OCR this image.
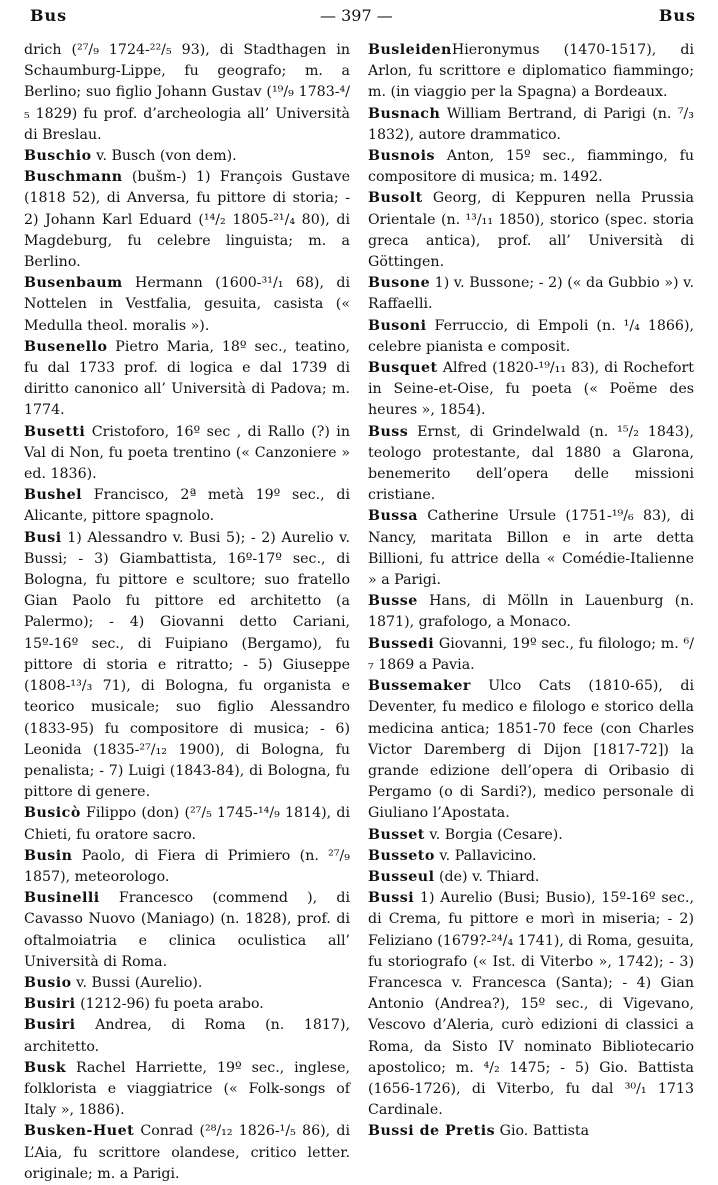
Bus	— 397 —	Bus

drich (²⁷/₉ 1724-²²/₅ 93), di Stadthagen in Schaumburg-Lippe, fu geografo; m. a Berlino; suo figlio Johann Gustav (¹⁹/₉ 1783-⁴/₅ 1829) fu prof. d’archeologia all’ Università di Breslau.

Buschio v. Busch (von dem).

Buschmann (bušm-) 1) François Gustave (1818 52), di Anversa, fu pittore di storia; - 2) Johann Karl Eduard (¹⁴/₂ 1805-²¹/₄ 80), di Magdeburg, fu celebre linguista; m. a Berlino.

Busenbaum Hermann (1600-³¹/₁ 68), di Nottelen in Vestfalia, gesuita, casista (« Medulla theol. moralis »).

Busenello Pietro Maria, 18º sec., teatino, fu dal 1733 prof. di logica e dal 1739 di diritto canonico all’ Università di Padova; m. 1774.

Busetti Cristoforo, 16º sec , di Rallo (?) in Val di Non, fu poeta trentino (« Canzoniere » ed. 1836).

Bushel Francisco, 2ª metà 19º sec., di Alicante, pittore spagnolo.

Busi 1) Alessandro v. Busi 5); - 2) Aurelio v. Bussi; - 3) Giambattista, 16º-17º sec., di Bologna, fu pittore e scultore; suo fratello Gian Paolo fu pittore ed architetto (a Palermo); - 4) Giovanni detto Cariani, 15º-16º sec., di Fuipiano (Bergamo), fu pittore di storia e ritratto; - 5) Giuseppe (1808-¹³/₃ 71), di Bologna, fu organista e teorico musicale; suo figlio Alessandro (1833-95) fu compositore di musica; - 6) Leonida (1835-²⁷/₁₂ 1900), di Bologna, fu penalista; - 7) Luigi (1843-84), di Bologna, fu pittore di genere.

Busicò Filippo (don) (²⁷/₅ 1745-¹⁴/₉ 1814), di Chieti, fu oratore sacro.

Busin Paolo, di Fiera di Primiero (n. ²⁷/₉ 1857), meteorologo.

Businelli Francesco (commend ), di Cavasso Nuovo (Maniago) (n. 1828), prof. di oftalmoiatria e clinica oculistica all’ Università di Roma.

Busio v. Bussi (Aurelio).

Busiri (1212-96) fu poeta arabo.

Busiri Andrea, di Roma (n. 1817), architetto.

Busk Rachel Harriette, 19º sec., inglese, folklorista e viaggiatrice (« Folk-songs of Italy », 1886).

Busken-Huet Conrad (²⁸/₁₂ 1826-¹/₅ 86), di L’Aia, fu scrittore olandese, critico letter. originale; m. a Parigi.

BusleidenHieronymus (1470-1517), di Arlon, fu scrittore e diplomatico fiammingo; m. (in viaggio per la Spagna) a Bordeaux.

Busnach William Bertrand, di Parigi (n. ⁷/₃ 1832), autore drammatico.

Busnois Anton, 15º sec., fiammingo, fu compositore di musica; m. 1492.

Busolt Georg, di Keppuren nella Prussia Orientale (n. ¹³/₁₁ 1850), storico (spec. storia greca antica), prof. all’ Università di Göttingen.

Busone 1) v. Bussone; - 2) (« da Gubbio ») v. Raffaelli.

Busoni Ferruccio, di Empoli (n. ¹/₄ 1866), celebre pianista e composit.

Busquet Alfred (1820-¹⁹/₁₁ 83), di Rochefort in Seine-et-Oise, fu poeta (« Poëme des heures », 1854).

Buss Ernst, di Grindelwald (n. ¹⁵/₂ 1843), teologo protestante, dal 1880 a Glarona, benemerito dell’opera delle missioni cristiane.

Bussa Catherine Ursule (1751-¹⁹/₆ 83), di Nancy, maritata Billon e in arte detta Billioni, fu attrice della « Comédie-Italienne » a Parigi.

Busse Hans, di Mölln in Lauenburg (n. 1871), grafologo, a Monaco.

Bussedi Giovanni, 19º sec., fu filologo; m. ⁶/₇ 1869 a Pavia.

Bussemaker Ulco Cats (1810-65), di Deventer, fu medico e filologo e storico della medicina antica; 1851-70 fece (con Charles Victor Daremberg di Dijon [1817-72]) la grande edizione dell’opera di Oribasio di Pergamo (o di Sardi?), medico personale di Giuliano l’Apostata.

Busset v. Borgia (Cesare).

Busseto v. Pallavicino.

Busseul (de) v. Thiard.

Bussi 1) Aurelio (Busi; Busio), 15º-16º sec., di Crema, fu pittore e morì in miseria; - 2) Feliziano (1679?-²⁴/₄ 1741), di Roma, gesuita, fu storiografo (« Ist. di Viterbo », 1742); - 3) Francesca v. Francesca (Santa); - 4) Gian Antonio (Andrea?), 15º sec., di Vigevano, Vescovo d’Aleria, curò edizioni di classici a Roma, da Sisto IV nominato Bibliotecario apostolico; m. ⁴/₂ 1475; - 5) Gio. Battista (1656-1726), di Viterbo, fu dal ³⁰/₁ 1713 Cardinale.

Bussi de Pretis Gio. Battista
